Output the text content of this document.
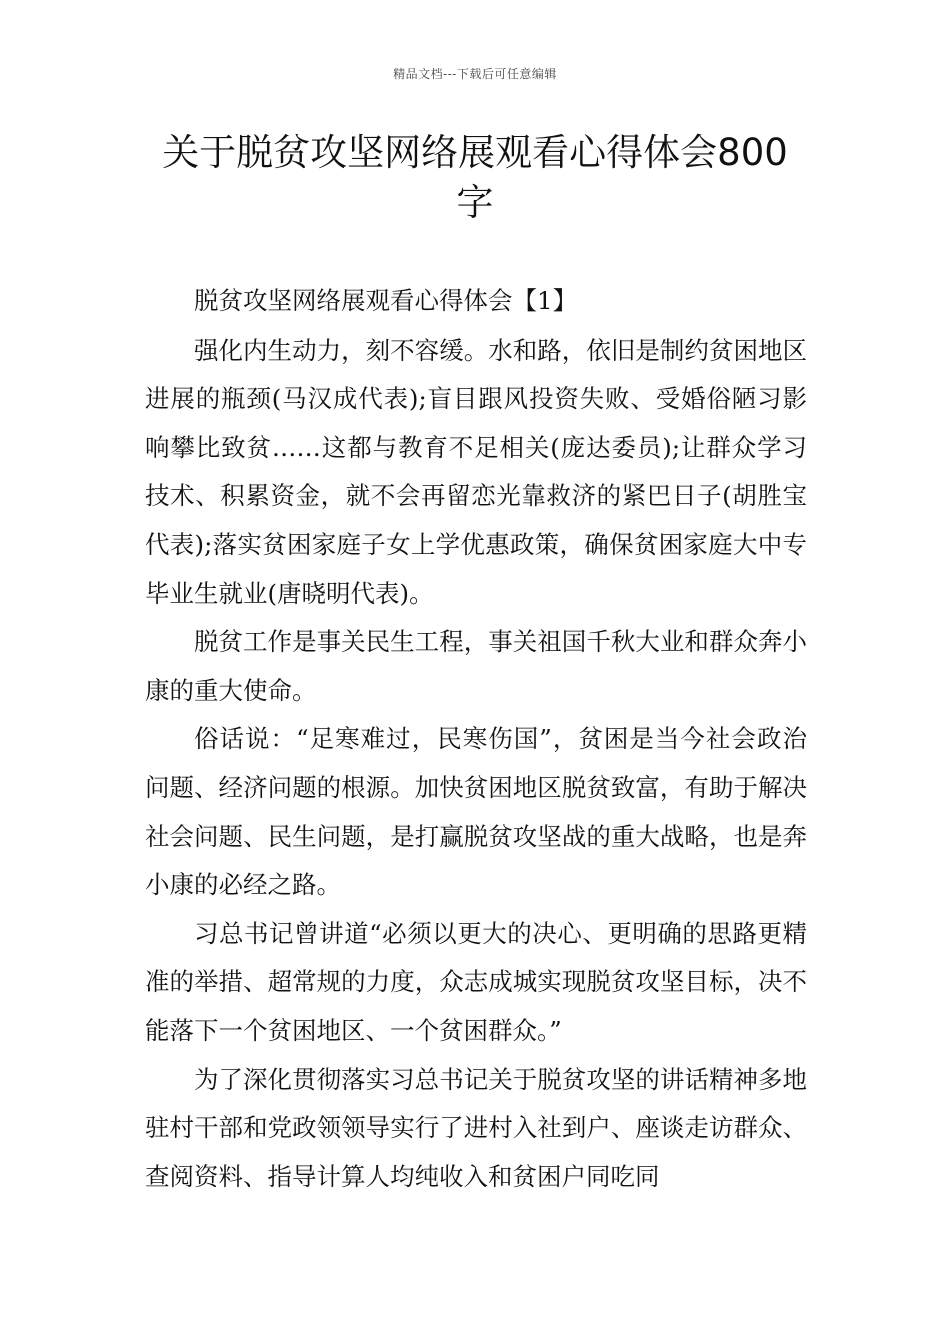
精品文档---下载后可任意编辑
关于脱贫攻坚网络展观看心得体会800字

脱贫攻坚网络展观看心得体会【1】

强化内生动力，刻不容缓。水和路，依旧是制约贫困地区进展的瓶颈(马汉成代表);盲目跟风投资失败、受婚俗陋习影响攀比致贫……这都与教育不足相关(庞达委员);让群众学习技术、积累资金，就不会再留恋光靠救济的紧巴日子(胡胜宝代表);落实贫困家庭子女上学优惠政策，确保贫困家庭大中专毕业生就业(唐晓明代表)。

脱贫工作是事关民生工程，事关祖国千秋大业和群众奔小康的重大使命。

俗话说：“足寒难过，民寒伤国”，贫困是当今社会政治问题、经济问题的根源。加快贫困地区脱贫致富，有助于解决社会问题、民生问题，是打赢脱贫攻坚战的重大战略，也是奔小康的必经之路。

习总书记曾讲道“必须以更大的决心、更明确的思路更精准的举措、超常规的力度，众志成城实现脱贫攻坚目标，决不能落下一个贫困地区、一个贫困群众。”

为了深化贯彻落实习总书记关于脱贫攻坚的讲话精神多地驻村干部和党政领领导实行了进村入社到户、座谈走访群众、查阅资料、指导计算人均纯收入和贫困户同吃同
